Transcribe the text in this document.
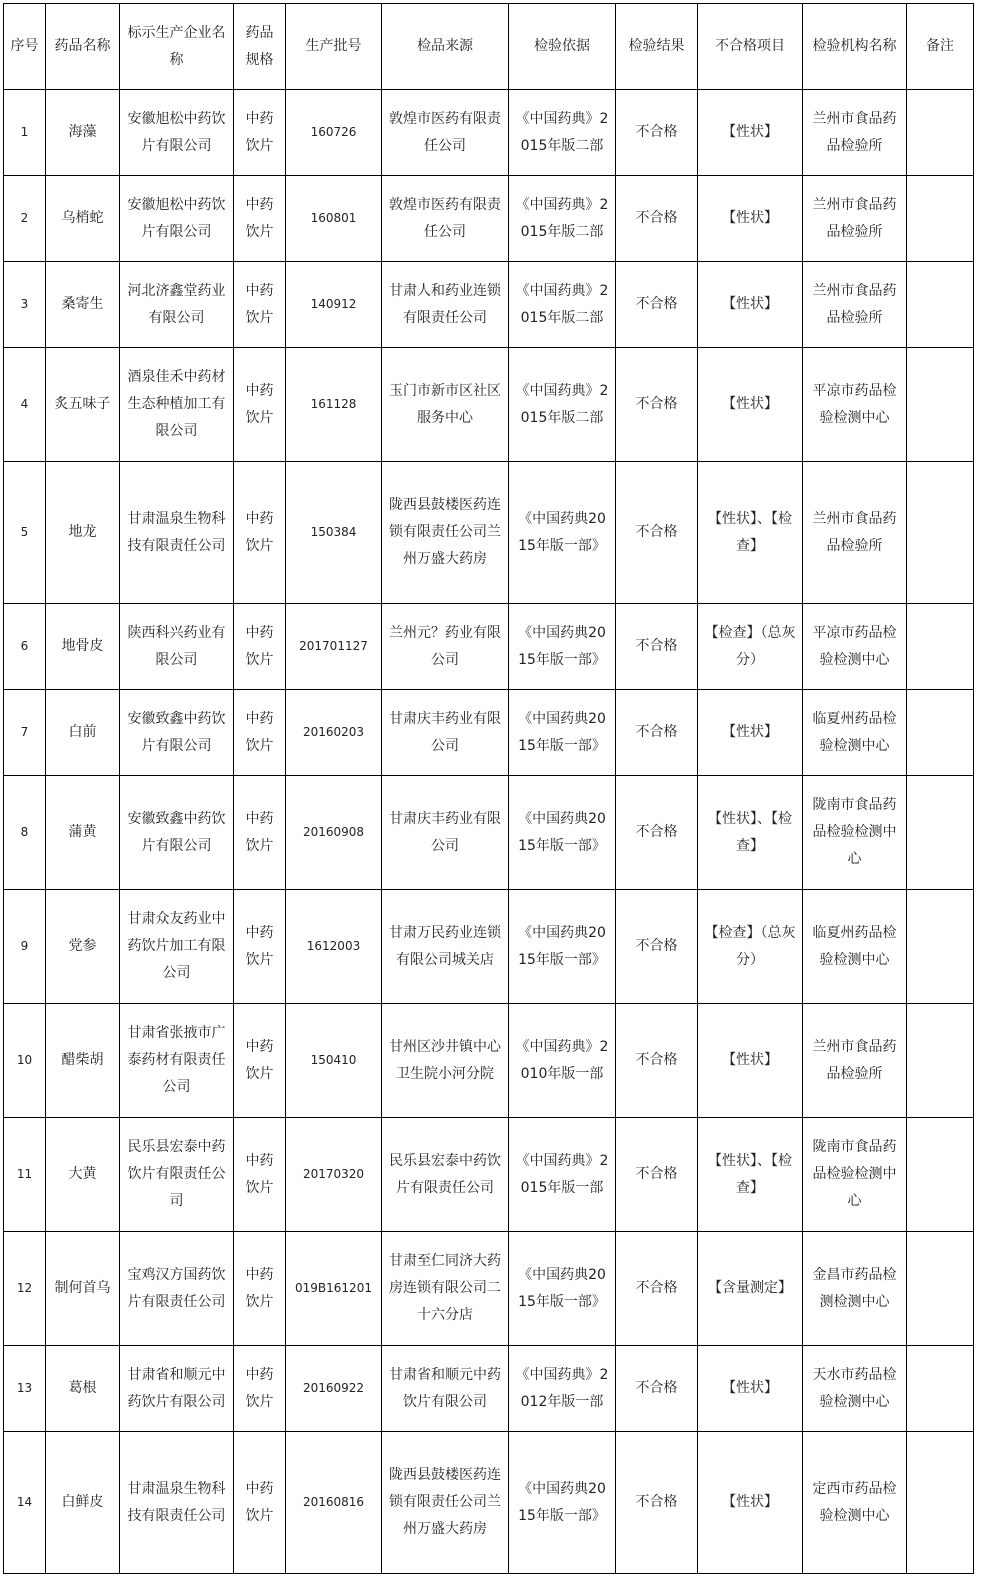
序号	药品名称	标示生产企业名称	药品规格	生产批号	检品来源	检验依据	检验结果	不合格项目	检验机构名称	备注
1	海藻	安徽旭松中药饮片有限公司	中药饮片	160726	敦煌市医药有限责任公司	《中国药典》2015年版二部	不合格	【性状】	兰州市食品药品检验所	
2	乌梢蛇	安徽旭松中药饮片有限公司	中药饮片	160801	敦煌市医药有限责任公司	《中国药典》2015年版二部	不合格	【性状】	兰州市食品药品检验所	
3	桑寄生	河北济鑫堂药业有限公司	中药饮片	140912	甘肃人和药业连锁有限责任公司	《中国药典》2015年版二部	不合格	【性状】	兰州市食品药品检验所	
4	炙五味子	酒泉佳禾中药材生态种植加工有限公司	中药饮片	161128	玉门市新市区社区服务中心	《中国药典》2015年版二部	不合格	【性状】	平凉市药品检验检测中心	
5	地龙	甘肃温泉生物科技有限责任公司	中药饮片	150384	陇西县鼓楼医药连锁有限责任公司兰州万盛大药房	《中国药典2015年版一部》	不合格	【性状】、【检查】	兰州市食品药品检验所	
6	地骨皮	陕西科兴药业有限公司	中药饮片	201701127	兰州元？药业有限公司	《中国药典2015年版一部》	不合格	【检查】（总灰分）	平凉市药品检验检测中心	
7	白前	安徽致鑫中药饮片有限公司	中药饮片	20160203	甘肃庆丰药业有限公司	《中国药典2015年版一部》	不合格	【性状】	临夏州药品检验检测中心	
8	蒲黄	安徽致鑫中药饮片有限公司	中药饮片	20160908	甘肃庆丰药业有限公司	《中国药典2015年版一部》	不合格	【性状】、【检查】	陇南市食品药品检验检测中心	
9	党参	甘肃众友药业中药饮片加工有限公司	中药饮片	1612003	甘肃万民药业连锁有限公司城关店	《中国药典2015年版一部》	不合格	【检查】（总灰分）	临夏州药品检验检测中心	
10	醋柴胡	甘肃省张掖市广泰药材有限责任公司	中药饮片	150410	甘州区沙井镇中心卫生院小河分院	《中国药典》2010年版一部	不合格	【性状】	兰州市食品药品检验所	
11	大黄	民乐县宏泰中药饮片有限责任公司	中药饮片	20170320	民乐县宏泰中药饮片有限责任公司	《中国药典》2015年版一部	不合格	【性状】、【检查】	陇南市食品药品检验检测中心	
12	制何首乌	宝鸡汉方国药饮片有限责任公司	中药饮片	019B161201	甘肃至仁同济大药房连锁有限公司二十六分店	《中国药典2015年版一部》	不合格	【含量测定】	金昌市药品检测检测中心	
13	葛根	甘肃省和顺元中药饮片有限公司	中药饮片	20160922	甘肃省和顺元中药饮片有限公司	《中国药典》2012年版一部	不合格	【性状】	天水市药品检验检测中心	
14	白鲜皮	甘肃温泉生物科技有限责任公司	中药饮片	20160816	陇西县鼓楼医药连锁有限责任公司兰州万盛大药房	《中国药典2015年版一部》	不合格	【性状】	定西市药品检验检测中心	
